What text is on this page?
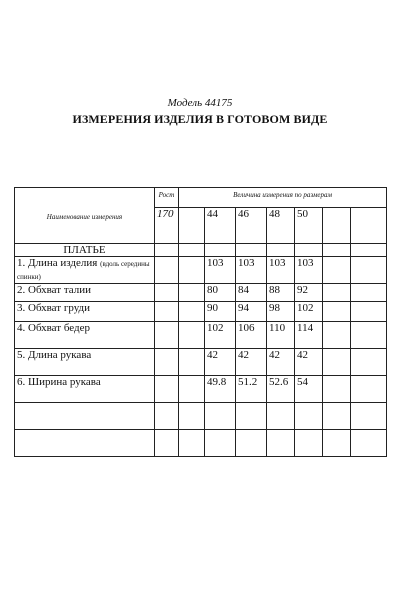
Модель 44175
ИЗМЕРЕНИЯ ИЗДЕЛИЯ В ГОТОВОМ ВИДЕ
Наименование измерения	Рост	Величина измерения по размерам						
	170		44	46	48	50		
ПЛАТЬЕ								
1. Длина изделия (вдоль середины спинки)			103	103	103	103		
2. Обхват талии			80	84	88	92		
3. Обхват груди			90	94	98	102		
4. Обхват бедер			102	106	110	114		
5. Длина рукава			42	42	42	42		
6. Ширина рукава			49.8	51.2	52.6	54		
